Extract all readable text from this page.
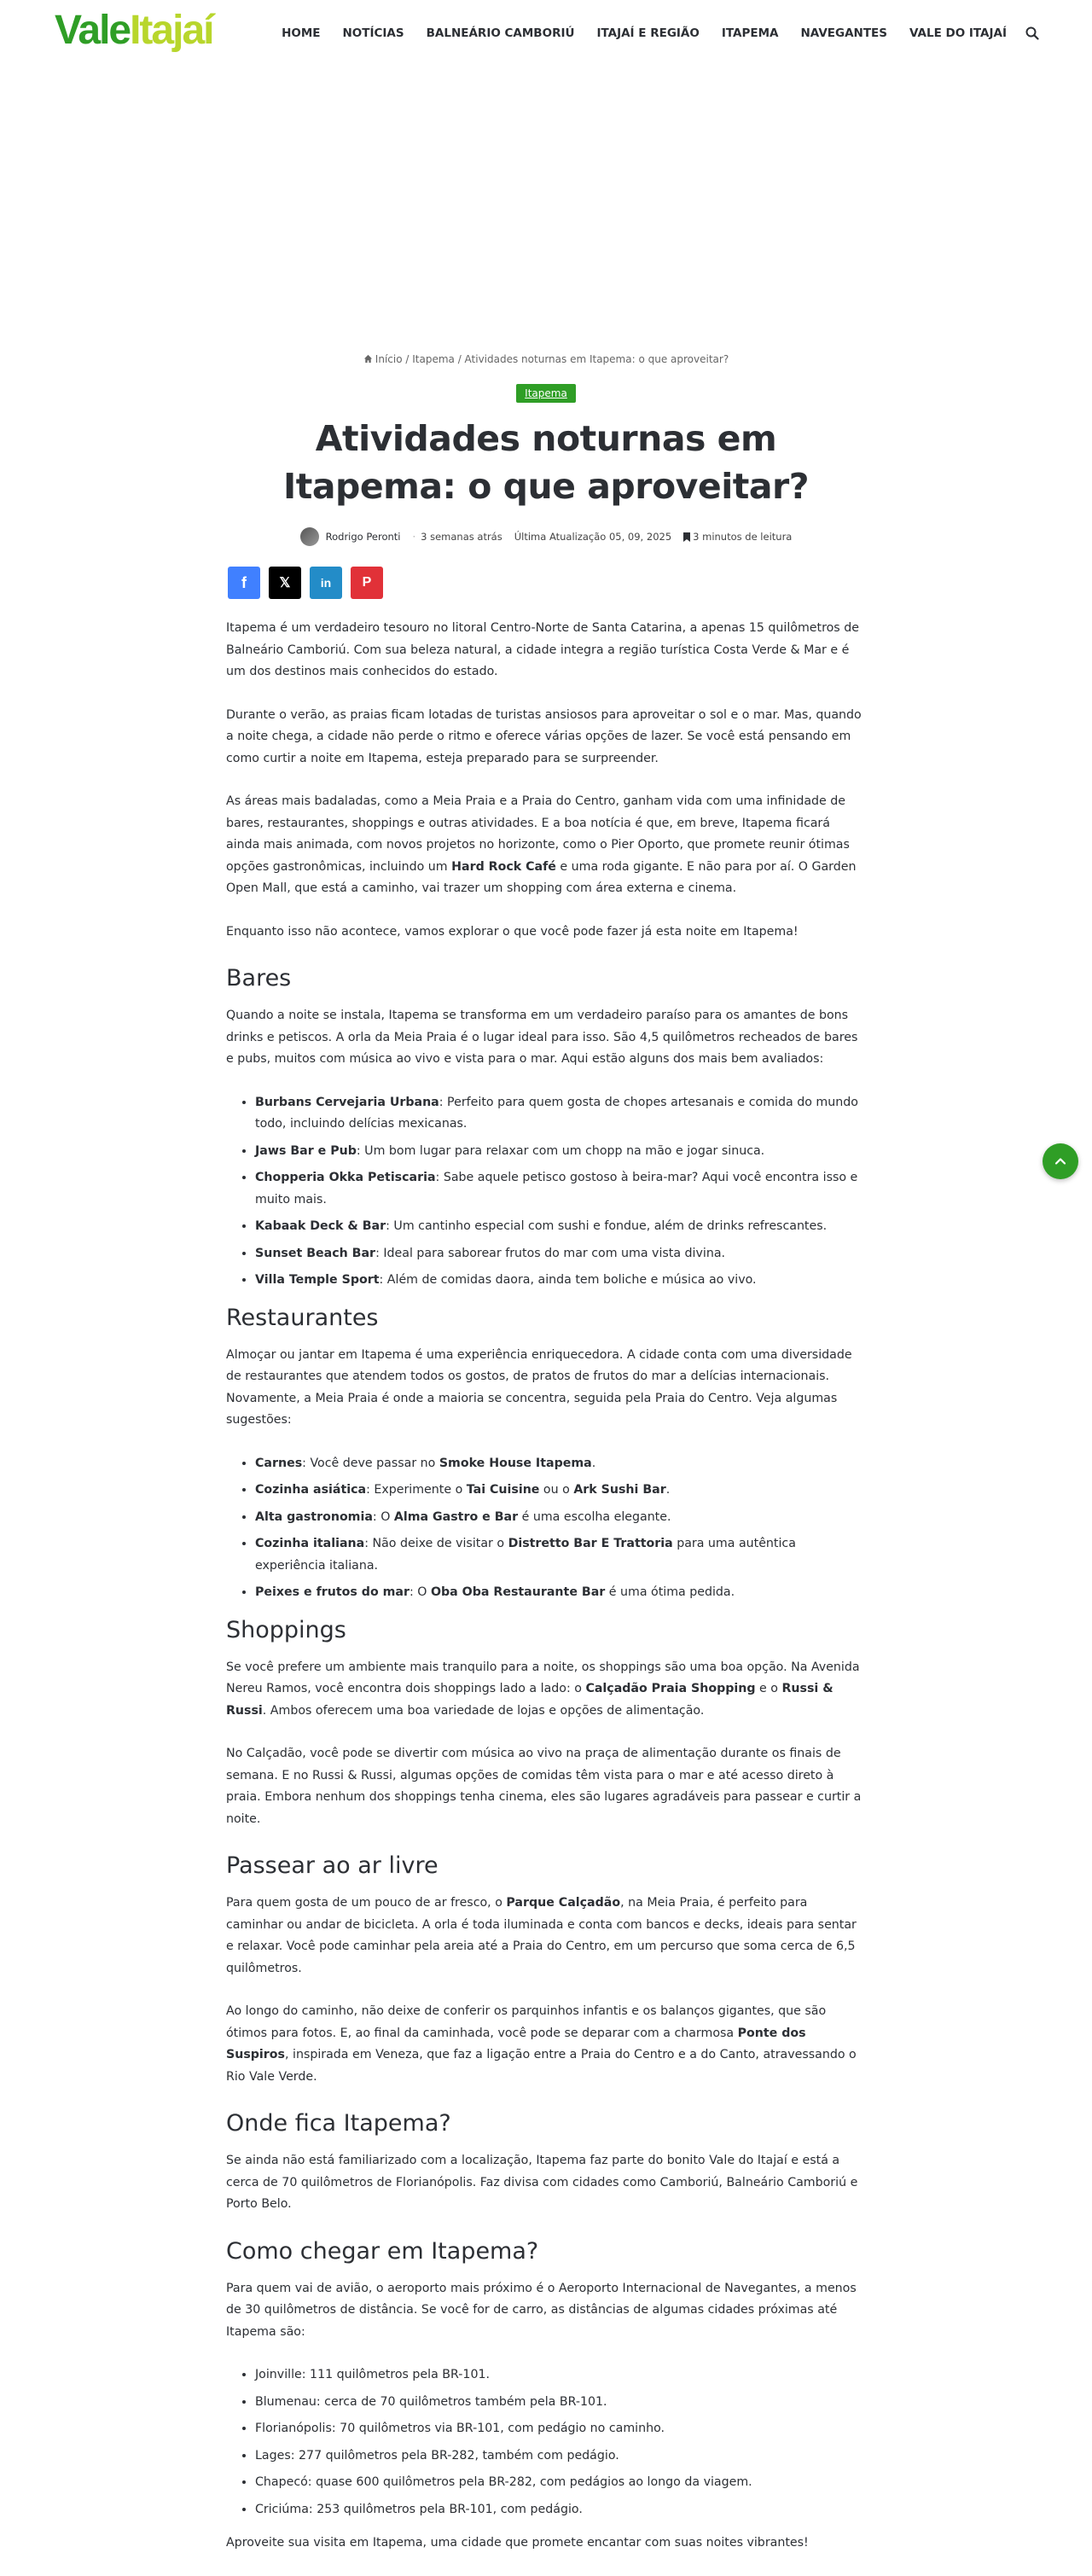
ValeItajaí	HOME NOTÍCIAS BALNEÁRIO CAMBORIÚ ITAJAÍ E REGIÃO ITAPEMA NAVEGANTES VALE DO ITAJAÍ
Início / Itapema / Atividades noturnas em Itapema: o que aproveitar?
Itapema
Atividades noturnas em Itapema: o que aproveitar?
Rodrigo Peronti · 3 semanas atrás Última Atualização 05, 09, 2025 3 minutos de leitura
f 𝕏	in P

Itapema é um verdadeiro tesouro no litoral Centro-Norte de Santa Catarina, a apenas 15 quilômetros de Balneário Camboriú. Com sua beleza natural, a cidade integra a região turística Costa Verde & Mar e é um dos destinos mais conhecidos do estado.

Durante o verão, as praias ficam lotadas de turistas ansiosos para aproveitar o sol e o mar. Mas, quando a noite chega, a cidade não perde o ritmo e oferece várias opções de lazer. Se você está pensando em como curtir a noite em Itapema, esteja preparado para se surpreender.

As áreas mais badaladas, como a Meia Praia e a Praia do Centro, ganham vida com uma infinidade de bares, restaurantes, shoppings e outras atividades. E a boa notícia é que, em breve, Itapema ficará ainda mais animada, com novos projetos no horizonte, como o Pier Oporto, que promete reunir ótimas opções gastronômicas, incluindo um Hard Rock Café e uma roda gigante. E não para por aí. O Garden Open Mall, que está a caminho, vai trazer um shopping com área externa e cinema.

Enquanto isso não acontece, vamos explorar o que você pode fazer já esta noite em Itapema!

Bares

Quando a noite se instala, Itapema se transforma em um verdadeiro paraíso para os amantes de bons drinks e petiscos. A orla da Meia Praia é o lugar ideal para isso. São 4,5 quilômetros recheados de bares e pubs, muitos com música ao vivo e vista para o mar. Aqui estão alguns dos mais bem avaliados:

• Burbans Cervejaria Urbana: Perfeito para quem gosta de chopes artesanais e comida do mundo todo, incluindo delícias mexicanas.
• Jaws Bar e Pub: Um bom lugar para relaxar com um chopp na mão e jogar sinuca.
• Chopperia Okka Petiscaria: Sabe aquele petisco gostoso à beira-mar? Aqui você encontra isso e muito mais.
• Kabaak Deck & Bar: Um cantinho especial com sushi e fondue, além de drinks refrescantes.
• Sunset Beach Bar: Ideal para saborear frutos do mar com uma vista divina.
• Villa Temple Sport: Além de comidas daora, ainda tem boliche e música ao vivo.
Restaurantes

Almoçar ou jantar em Itapema é uma experiência enriquecedora. A cidade conta com uma diversidade de restaurantes que atendem todos os gostos, de pratos de frutos do mar a delícias internacionais. Novamente, a Meia Praia é onde a maioria se concentra, seguida pela Praia do Centro. Veja algumas sugestões:

• Carnes: Você deve passar no Smoke House Itapema.
• Cozinha asiática: Experimente o Tai Cuisine ou o Ark Sushi Bar.
• Alta gastronomia: O Alma Gastro e Bar é uma escolha elegante.
• Cozinha italiana: Não deixe de visitar o Distretto Bar E Trattoria para uma autêntica experiência italiana.
• Peixes e frutos do mar: O Oba Oba Restaurante Bar é uma ótima pedida.
Shoppings

Se você prefere um ambiente mais tranquilo para a noite, os shoppings são uma boa opção. Na Avenida Nereu Ramos, você encontra dois shoppings lado a lado: o Calçadão Praia Shopping e o Russi & Russi. Ambos oferecem uma boa variedade de lojas e opções de alimentação.

No Calçadão, você pode se divertir com música ao vivo na praça de alimentação durante os finais de semana. E no Russi & Russi, algumas opções de comidas têm vista para o mar e até acesso direto à praia. Embora nenhum dos shoppings tenha cinema, eles são lugares agradáveis para passear e curtir a noite.

Passear ao ar livre

Para quem gosta de um pouco de ar fresco, o Parque Calçadão, na Meia Praia, é perfeito para caminhar ou andar de bicicleta. A orla é toda iluminada e conta com bancos e decks, ideais para sentar e relaxar. Você pode caminhar pela areia até a Praia do Centro, em um percurso que soma cerca de 6,5 quilômetros.

Ao longo do caminho, não deixe de conferir os parquinhos infantis e os balanços gigantes, que são ótimos para fotos. E, ao final da caminhada, você pode se deparar com a charmosa Ponte dos Suspiros, inspirada em Veneza, que faz a ligação entre a Praia do Centro e a do Canto, atravessando o Rio Vale Verde.

Onde fica Itapema?

Se ainda não está familiarizado com a localização, Itapema faz parte do bonito Vale do Itajaí e está a cerca de 70 quilômetros de Florianópolis. Faz divisa com cidades como Camboriú, Balneário Camboriú e Porto Belo.

Como chegar em Itapema?

Para quem vai de avião, o aeroporto mais próximo é o Aeroporto Internacional de Navegantes, a menos de 30 quilômetros de distância. Se você for de carro, as distâncias de algumas cidades próximas até Itapema são:

• Joinville: 111 quilômetros pela BR-101.
• Blumenau: cerca de 70 quilômetros também pela BR-101.
• Florianópolis: 70 quilômetros via BR-101, com pedágio no caminho.
• Lages: 277 quilômetros pela BR-282, também com pedágio.
• Chapecó: quase 600 quilômetros pela BR-282, com pedágios ao longo da viagem.
• Criciúma: 253 quilômetros pela BR-101, com pedágio.

Aproveite sua visita em Itapema, uma cidade que promete encantar com suas noites vibrantes!
